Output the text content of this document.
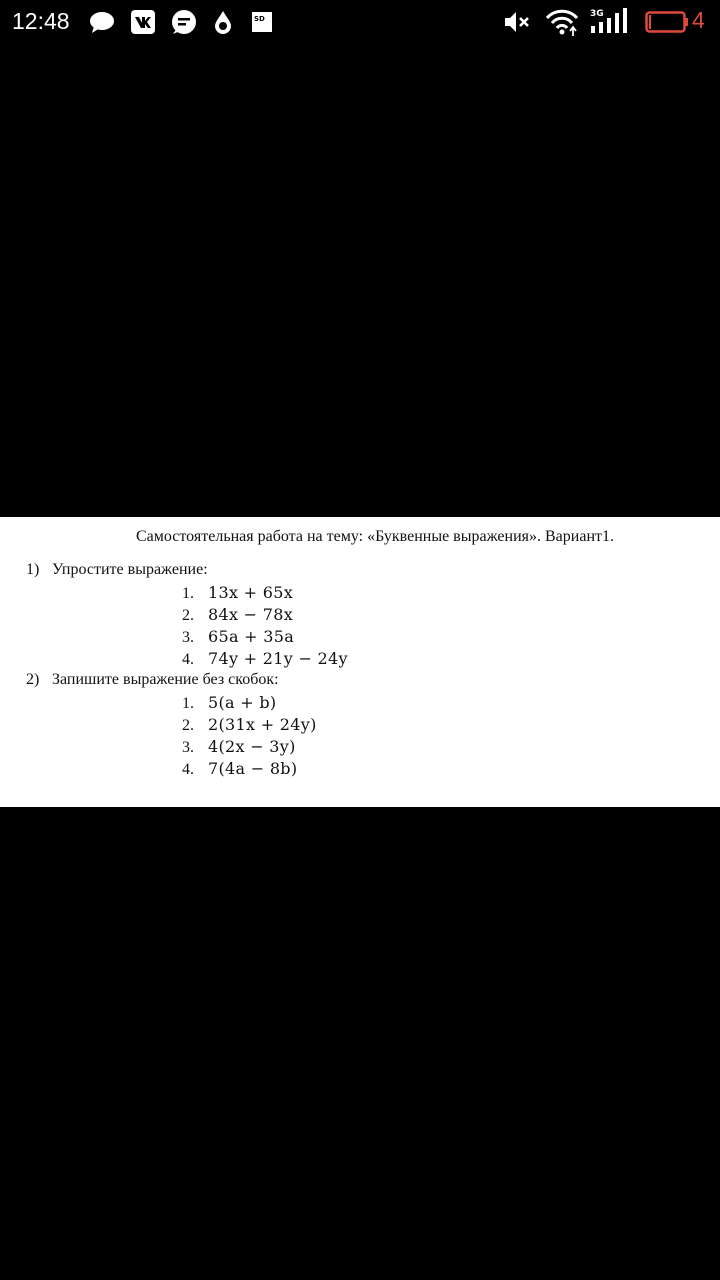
12:48	SD	3G	4
Самостоятельная работа на тему: «Буквенные выражения». Вариант1.
1) Упростите выражение:
1. 13x + 65x
2. 84x − 78x
3. 65a + 35a
4. 74y + 21y − 24y
2) Запишите выражение без скобок:
1. 5(a + b)
2. 2(31x + 24y)
3. 4(2x − 3y)
4. 7(4a − 8b)
